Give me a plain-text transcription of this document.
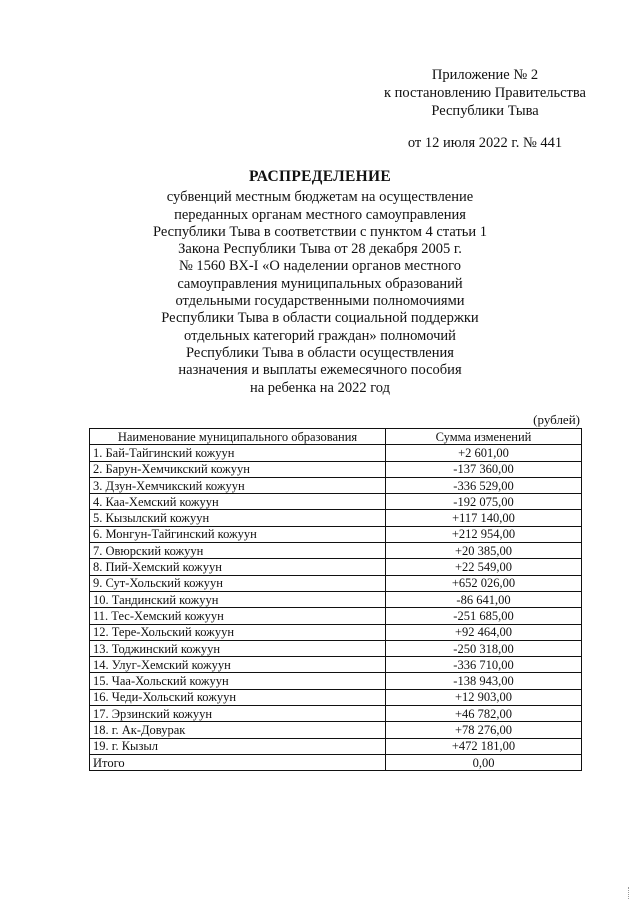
Приложение № 2
к постановлению Правительства
Республики Тыва
от 12 июля 2022 г. № 441
РАСПРЕДЕЛЕНИЕ
субвенций местным бюджетам на осуществление
переданных органам местного самоуправления
Республики Тыва в соответствии с пунктом 4 статьи 1
Закона Республики Тыва от 28 декабря 2005 г.
№ 1560 ВХ-I «О наделении органов местного
самоуправления муниципальных образований
отдельными государственными полномочиями
Республики Тыва в области социальной поддержки
отдельных категорий граждан» полномочий
Республики Тыва в области осуществления
назначения и выплаты ежемесячного пособия
на ребенка на 2022 год
(рублей)
Наименование муниципального образования	Сумма изменений
1. Бай-Тайгинский кожуун	+2 601,00
2. Барун-Хемчикский кожуун	-137 360,00
3. Дзун-Хемчикский кожуун	-336 529,00
4. Каа-Хемский кожуун	-192 075,00
5. Кызылский кожуун	+117 140,00
6. Монгун-Тайгинский кожуун	+212 954,00
7. Овюрский кожуун	+20 385,00
8. Пий-Хемский кожуун	+22 549,00
9. Сут-Хольский кожуун	+652 026,00
10. Тандинский кожуун	-86 641,00
11. Тес-Хемский кожуун	-251 685,00
12. Тере-Хольский кожуун	+92 464,00
13. Тоджинский кожуун	-250 318,00
14. Улуг-Хемский кожуун	-336 710,00
15. Чаа-Хольский кожуун	-138 943,00
16. Чеди-Хольский кожуун	+12 903,00
17. Эрзинский кожуун	+46 782,00
18. г. Ак-Довурак	+78 276,00
19. г. Кызыл	+472 181,00
Итого	0,00
